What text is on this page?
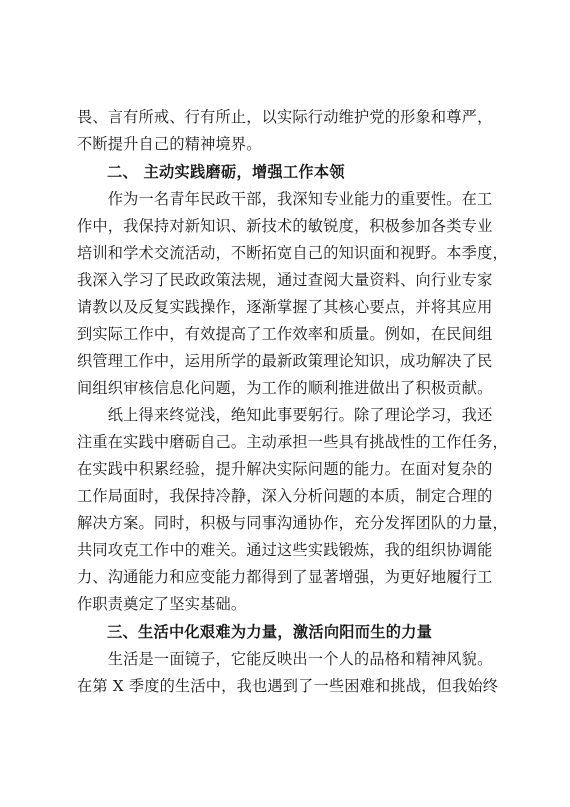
畏、言有所戒、行有所止，以实际行动维护党的形象和尊严，
不断提升自己的精神境界。
二、 主动实践磨砺，增强工作本领
　　作为一名青年民政干部，我深知专业能力的重要性。在工
作中，我保持对新知识、新技术的敏锐度，积极参加各类专业
培训和学术交流活动，不断拓宽自己的知识面和视野。本季度，
我深入学习了民政政策法规，通过查阅大量资料、向行业专家
请教以及反复实践操作，逐渐掌握了其核心要点，并将其应用
到实际工作中，有效提高了工作效率和质量。例如，在民间组
织管理工作中，运用所学的最新政策理论知识，成功解决了民
间组织审核信息化问题，为工作的顺利推进做出了积极贡献。
　　纸上得来终觉浅，绝知此事要躬行。除了理论学习，我还
注重在实践中磨砺自己。主动承担一些具有挑战性的工作任务，
在实践中积累经验，提升解决实际问题的能力。在面对复杂的
工作局面时，我保持冷静，深入分析问题的本质，制定合理的
解决方案。同时，积极与同事沟通协作，充分发挥团队的力量，
共同攻克工作中的难关。通过这些实践锻炼，我的组织协调能
力、沟通能力和应变能力都得到了显著增强，为更好地履行工
作职责奠定了坚实基础。
三、生活中化艰难为力量，激活向阳而生的力量
　　生活是一面镜子，它能反映出一个人的品格和精神风貌。
在第 X 季度的生活中，我也遇到了一些困难和挑战，但我始终
